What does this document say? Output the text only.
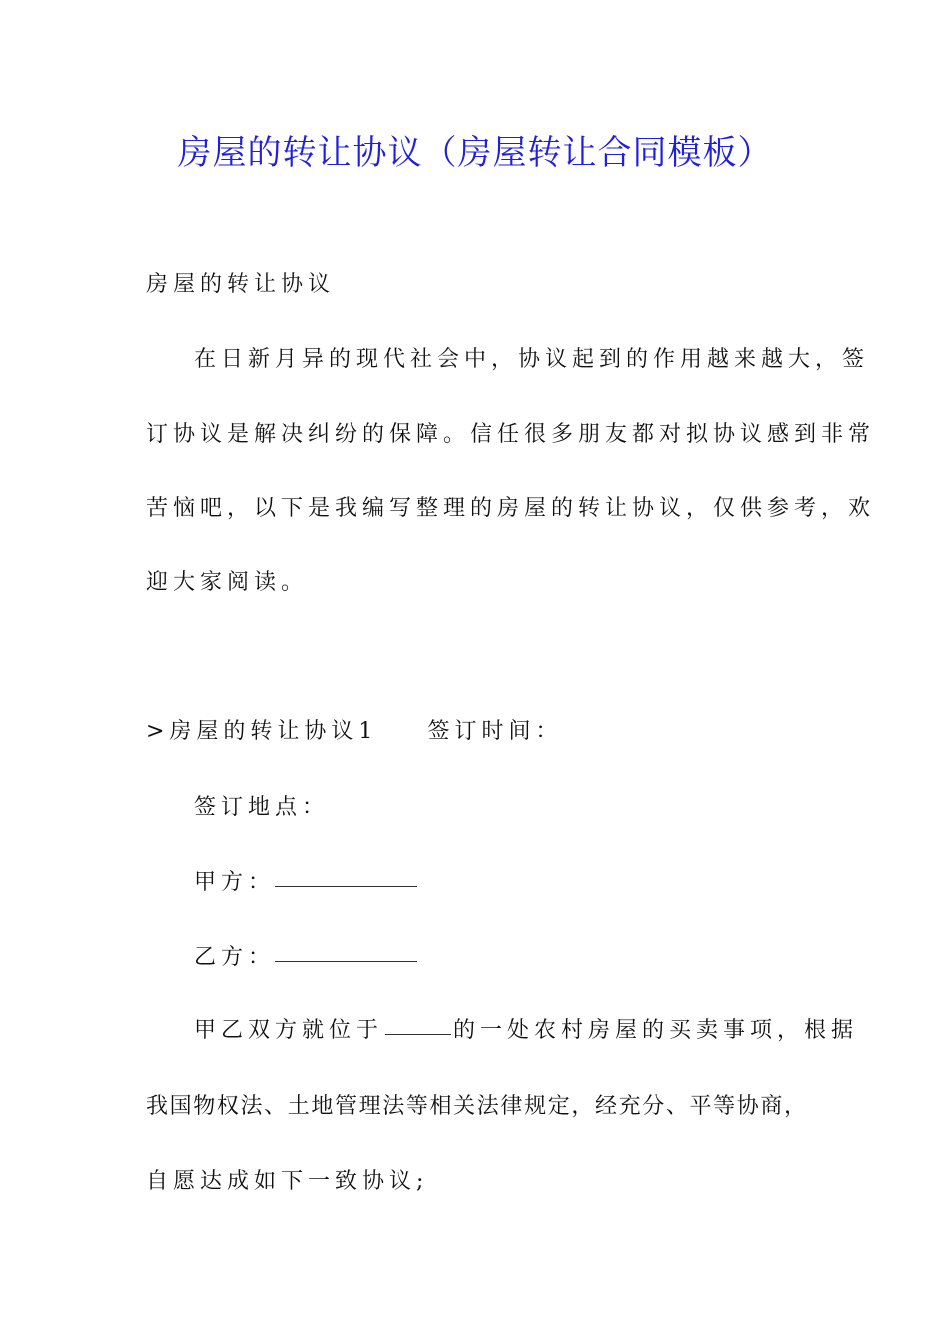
房屋的转让协议（房屋转让合同模板）
房屋的转让协议
在日新月异的现代社会中，协议起到的作用越来越大，签
订协议是解决纠纷的保障。信任很多朋友都对拟协议感到非常
苦恼吧，以下是我编写整理的房屋的转让协议，仅供参考，欢
迎大家阅读。
>房屋的转让协议1 签订时间：
签订地点：
甲方：
乙方：
甲乙双方就位于	的一处农村房屋的买卖事项，根据
我国物权法、土地管理法等相关法律规定，经充分、平等协商，
自愿达成如下一致协议;
